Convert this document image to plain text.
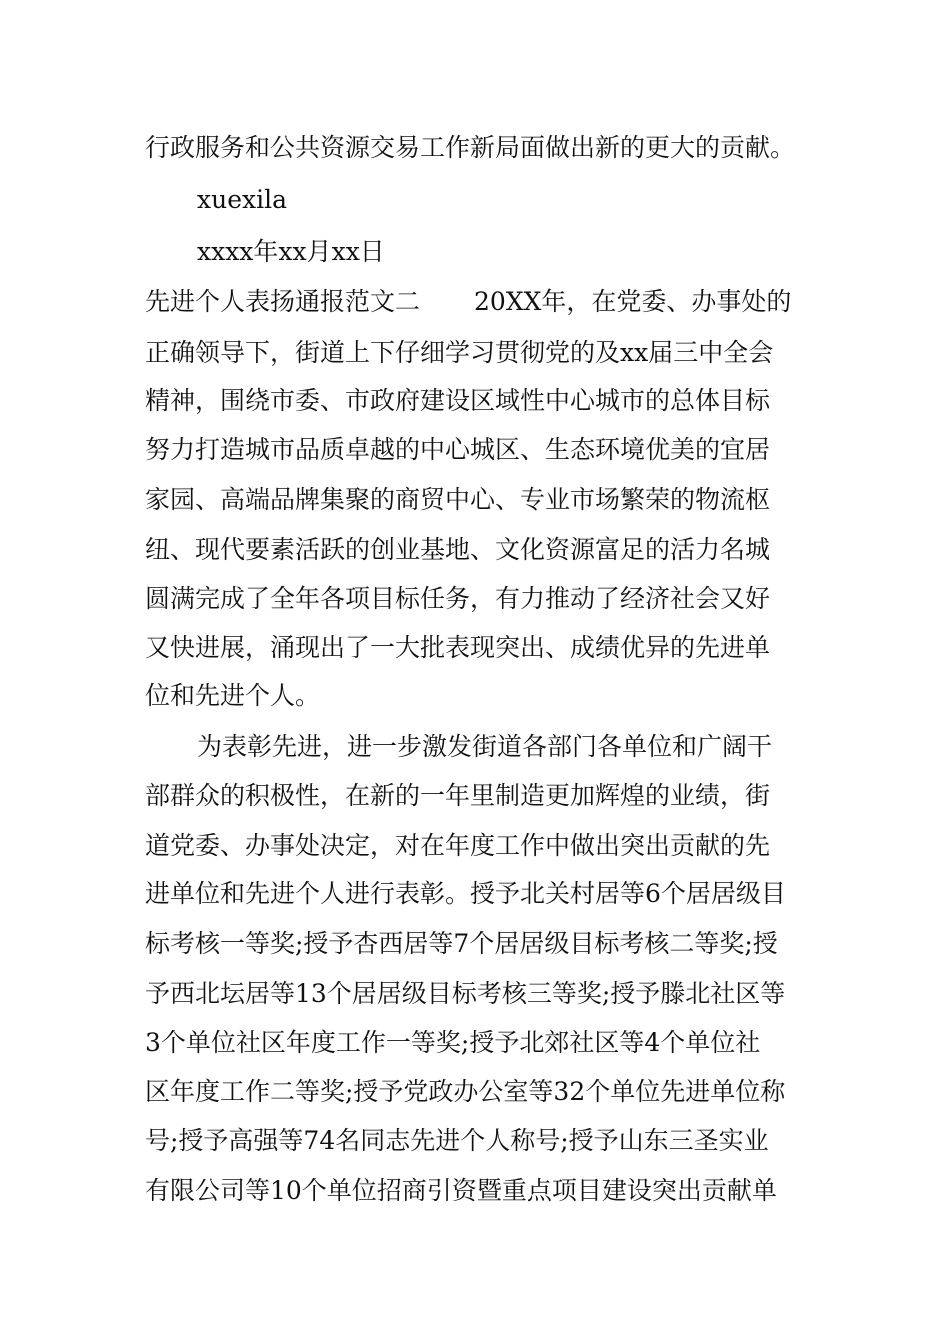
行政服务和公共资源交易工作新局面做出新的更大的贡献。
xuexila
xxxx年xx月xx日
先进个人表扬通报范文二 20XX年，在党委、办事处的
正确领导下，街道上下仔细学习贯彻党的及xx届三中全会
精神，围绕市委、市政府建设区域性中心城市的总体目标
努力打造城市品质卓越的中心城区、生态环境优美的宜居
家园、高端品牌集聚的商贸中心、专业市场繁荣的物流枢
纽、现代要素活跃的创业基地、文化资源富足的活力名城
圆满完成了全年各项目标任务，有力推动了经济社会又好
又快进展，涌现出了一大批表现突出、成绩优异的先进单
位和先进个人。
为表彰先进，进一步激发街道各部门各单位和广阔干
部群众的积极性，在新的一年里制造更加辉煌的业绩，街
道党委、办事处决定，对在年度工作中做出突出贡献的先
进单位和先进个人进行表彰。授予北关村居等6个居居级目
标考核一等奖;授予杏西居等7个居居级目标考核二等奖;授
予西北坛居等13个居居级目标考核三等奖;授予滕北社区等
3个单位社区年度工作一等奖;授予北郊社区等4个单位社
区年度工作二等奖;授予党政办公室等32个单位先进单位称
号;授予高强等74名同志先进个人称号;授予山东三圣实业
有限公司等10个单位招商引资暨重点项目建设突出贡献单
